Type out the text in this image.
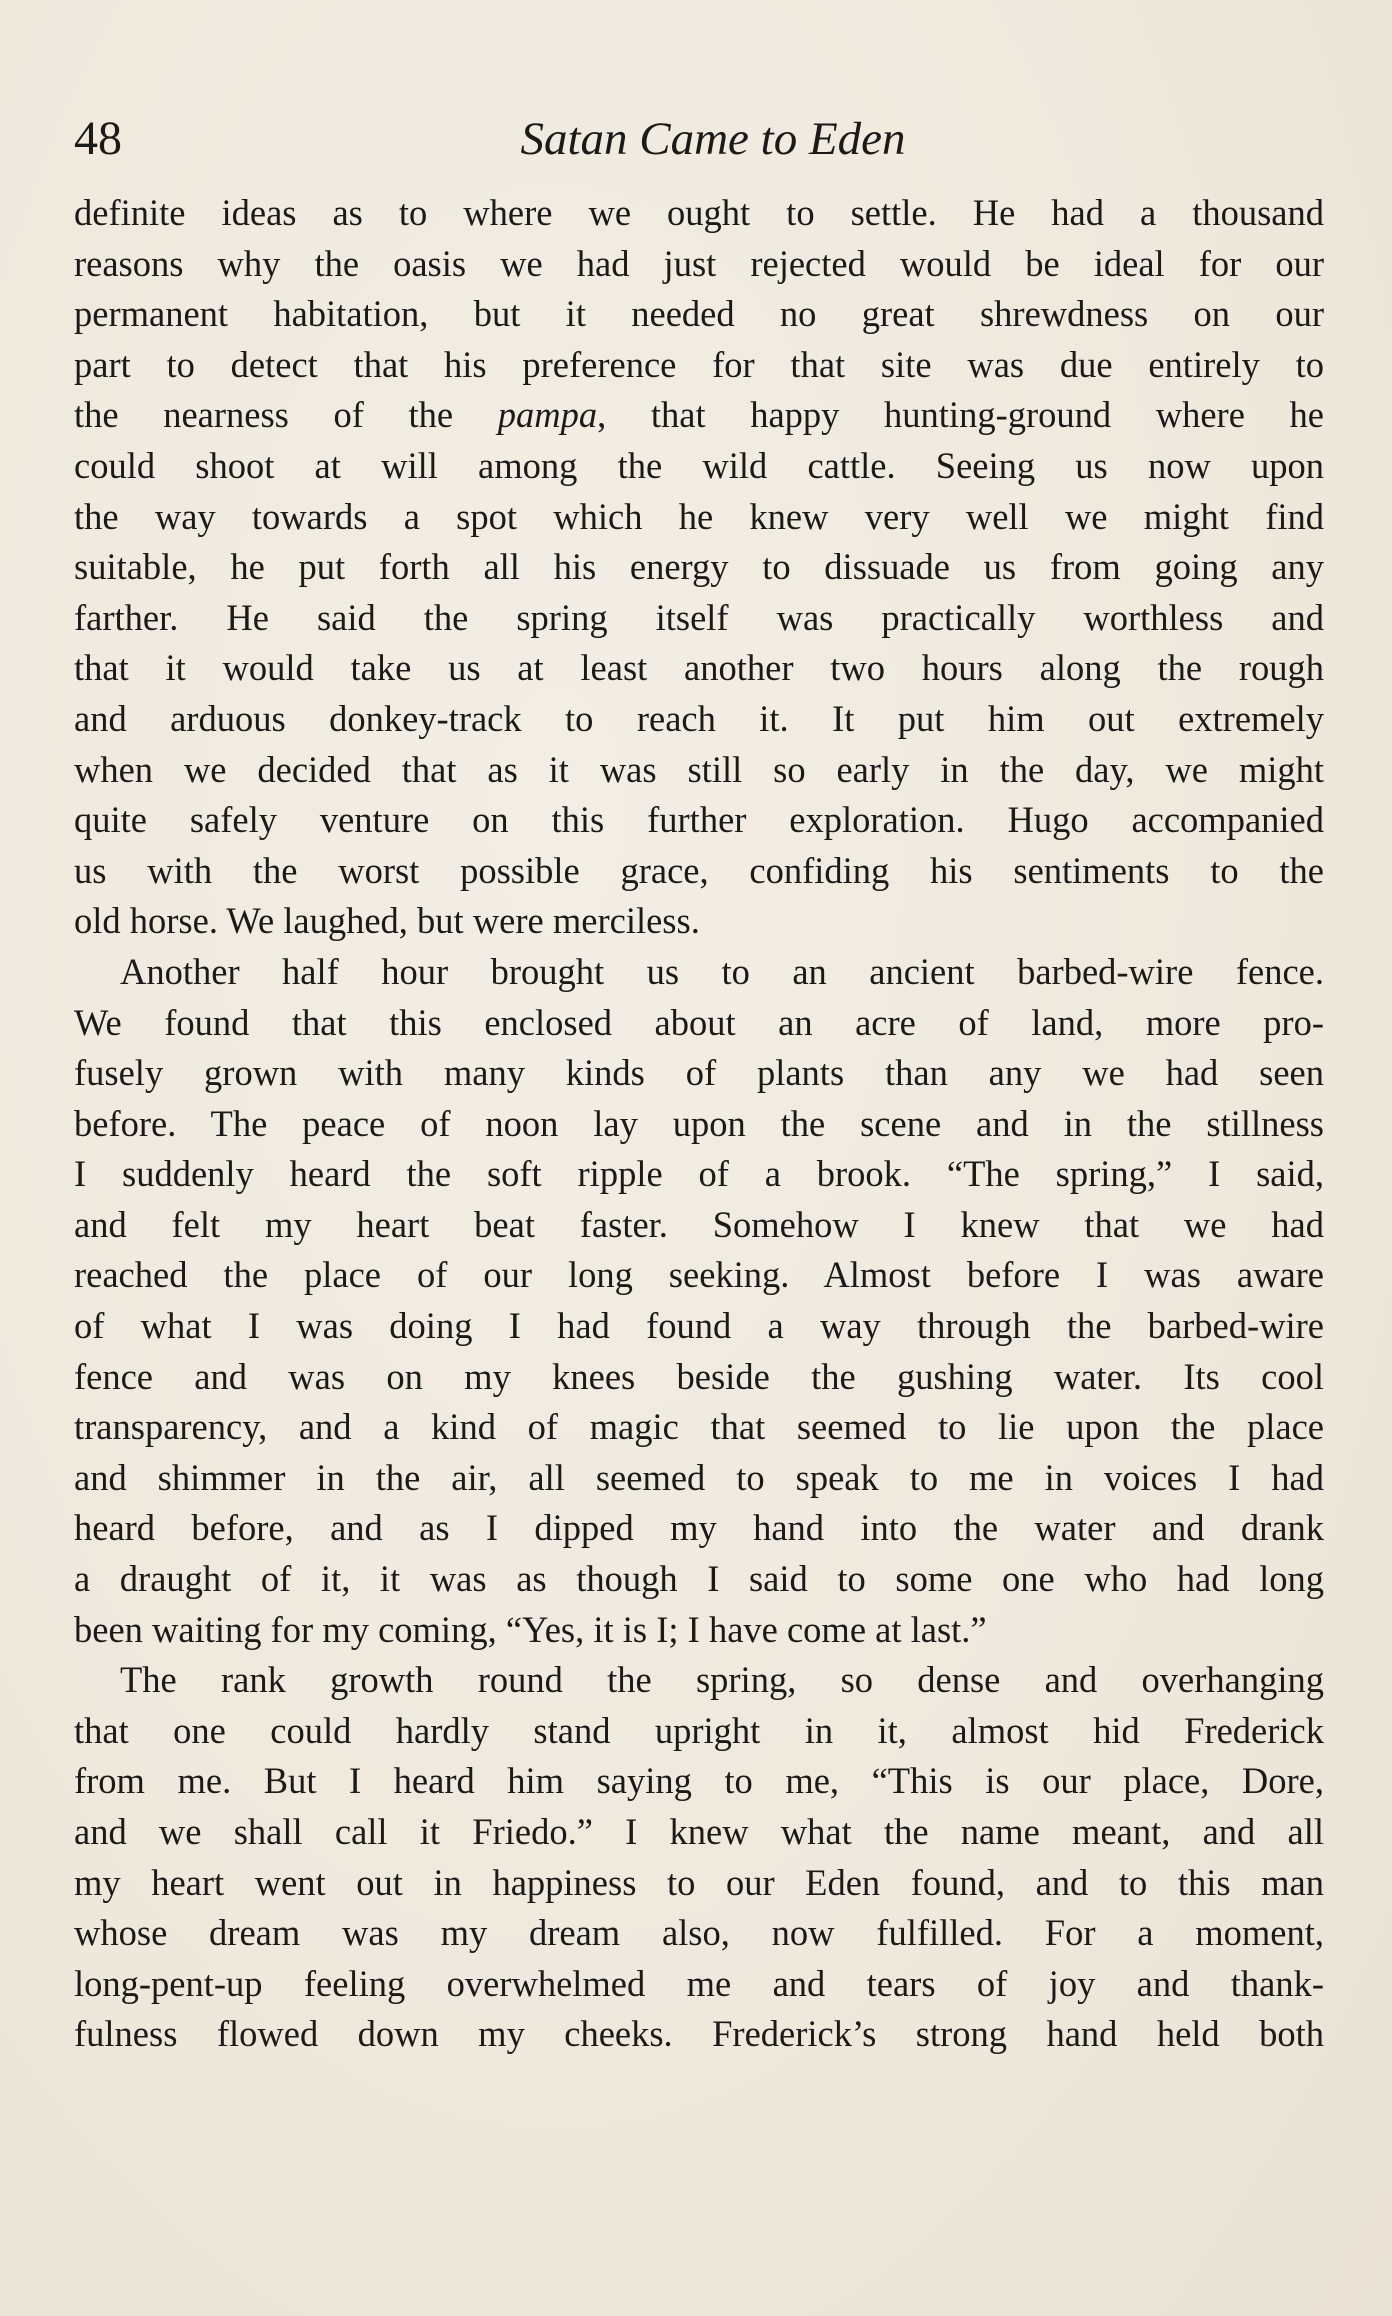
48	Satan Came to Eden
definite ideas as to where we ought to settle. He had a thousand
reasons why the oasis we had just rejected would be ideal for our
permanent habitation, but it needed no great shrewdness on our
part to detect that his preference for that site was due entirely to
the nearness of the pampa, that happy hunting-ground where he
could shoot at will among the wild cattle. Seeing us now upon
the way towards a spot which he knew very well we might find
suitable, he put forth all his energy to dissuade us from going any
farther. He said the spring itself was practically worthless and
that it would take us at least another two hours along the rough
and arduous donkey-track to reach it. It put him out extremely
when we decided that as it was still so early in the day, we might
quite safely venture on this further exploration. Hugo accompanied
us with the worst possible grace, confiding his sentiments to the
old horse. We laughed, but were merciless.
Another half hour brought us to an ancient barbed-wire fence.
We found that this enclosed about an acre of land, more pro-
fusely grown with many kinds of plants than any we had seen
before. The peace of noon lay upon the scene and in the stillness
I suddenly heard the soft ripple of a brook. “The spring,” I said,
and felt my heart beat faster. Somehow I knew that we had
reached the place of our long seeking. Almost before I was aware
of what I was doing I had found a way through the barbed-wire
fence and was on my knees beside the gushing water. Its cool
transparency, and a kind of magic that seemed to lie upon the place
and shimmer in the air, all seemed to speak to me in voices I had
heard before, and as I dipped my hand into the water and drank
a draught of it, it was as though I said to some one who had long
been waiting for my coming, “Yes, it is I; I have come at last.”
The rank growth round the spring, so dense and overhanging
that one could hardly stand upright in it, almost hid Frederick
from me. But I heard him saying to me, “This is our place, Dore,
and we shall call it Friedo.” I knew what the name meant, and all
my heart went out in happiness to our Eden found, and to this man
whose dream was my dream also, now fulfilled. For a moment,
long-pent-up feeling overwhelmed me and tears of joy and thank-
fulness flowed down my cheeks. Frederick’s strong hand held both
